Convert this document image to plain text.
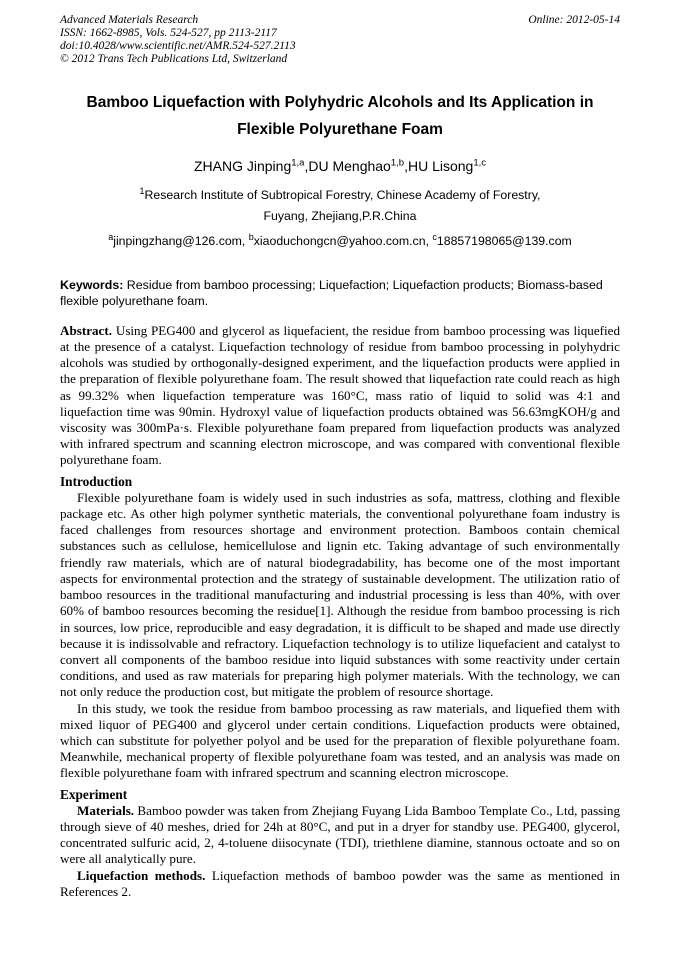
Advanced Materials Research
ISSN: 1662-8985, Vols. 524-527, pp 2113-2117
doi:10.4028/www.scientific.net/AMR.524-527.2113
© 2012 Trans Tech Publications Ltd, Switzerland
Online: 2012-05-14
Bamboo Liquefaction with Polyhydric Alcohols and Its Application in
Flexible Polyurethane Foam
ZHANG Jinping$^{1,a}$,DU Menghao$^{1,b}$,HU Lisong$^{1,c}$
$^1$Research Institute of Subtropical Forestry, Chinese Academy of Forestry,
Fuyang, Zhejiang,P.R.China
$^a$jinpingzhang@126.com, $^b$xiaoduchongcn@yahoo.com.cn, $^c$18857198065@139.com
Keywords: Residue from bamboo processing; Liquefaction; Liquefaction products; Biomass-based flexible polyurethane foam.
Abstract. Using PEG400 and glycerol as liquefacient, the residue from bamboo processing was liquefied at the presence of a catalyst. Liquefaction technology of residue from bamboo processing in polyhydric alcohols was studied by orthogonally-designed experiment, and the liquefaction products were applied in the preparation of flexible polyurethane foam. The result showed that liquefaction rate could reach as high as 99.32% when liquefaction temperature was 160°C, mass ratio of liquid to solid was 4:1 and liquefaction time was 90min. Hydroxyl value of liquefaction products obtained was 56.63mgKOH/g and viscosity was 300mPa·s. Flexible polyurethane foam prepared from liquefaction products was analyzed with infrared spectrum and scanning electron microscope, and was compared with conventional flexible polyurethane foam.
Introduction

Flexible polyurethane foam is widely used in such industries as sofa, mattress, clothing and flexible package etc. As other high polymer synthetic materials, the conventional polyurethane foam industry is faced challenges from resources shortage and environment protection. Bamboos contain chemical substances such as cellulose, hemicellulose and lignin etc. Taking advantage of such environmentally friendly raw materials, which are of natural biodegradability, has become one of the most important aspects for environmental protection and the strategy of sustainable development. The utilization ratio of bamboo resources in the traditional manufacturing and industrial processing is less than 40%, with over 60% of bamboo resources becoming the residue[1]. Although the residue from bamboo processing is rich in sources, low price, reproducible and easy degradation, it is difficult to be shaped and made use directly because it is indissolvable and refractory. Liquefaction technology is to utilize liquefacient and catalyst to convert all components of the bamboo residue into liquid substances with some reactivity under certain conditions, and used as raw materials for preparing high polymer materials. With the technology, we can not only reduce the production cost, but mitigate the problem of resource shortage.

In this study, we took the residue from bamboo processing as raw materials, and liquefied them with mixed liquor of PEG400 and glycerol under certain conditions. Liquefaction products were obtained, which can substitute for polyether polyol and be used for the preparation of flexible polyurethane foam. Meanwhile, mechanical property of flexible polyurethane foam was tested, and an analysis was made on flexible polyurethane foam with infrared spectrum and scanning electron microscope.

Experiment

Materials. Bamboo powder was taken from Zhejiang Fuyang Lida Bamboo Template Co., Ltd, passing through sieve of 40 meshes, dried for 24h at 80°C, and put in a dryer for standby use. PEG400, glycerol, concentrated sulfuric acid, 2, 4-toluene diisocynate (TDI), triethlene diamine, stannous octoate and so on were all analytically pure.

Liquefaction methods. Liquefaction methods of bamboo powder was the same as mentioned in References 2.
